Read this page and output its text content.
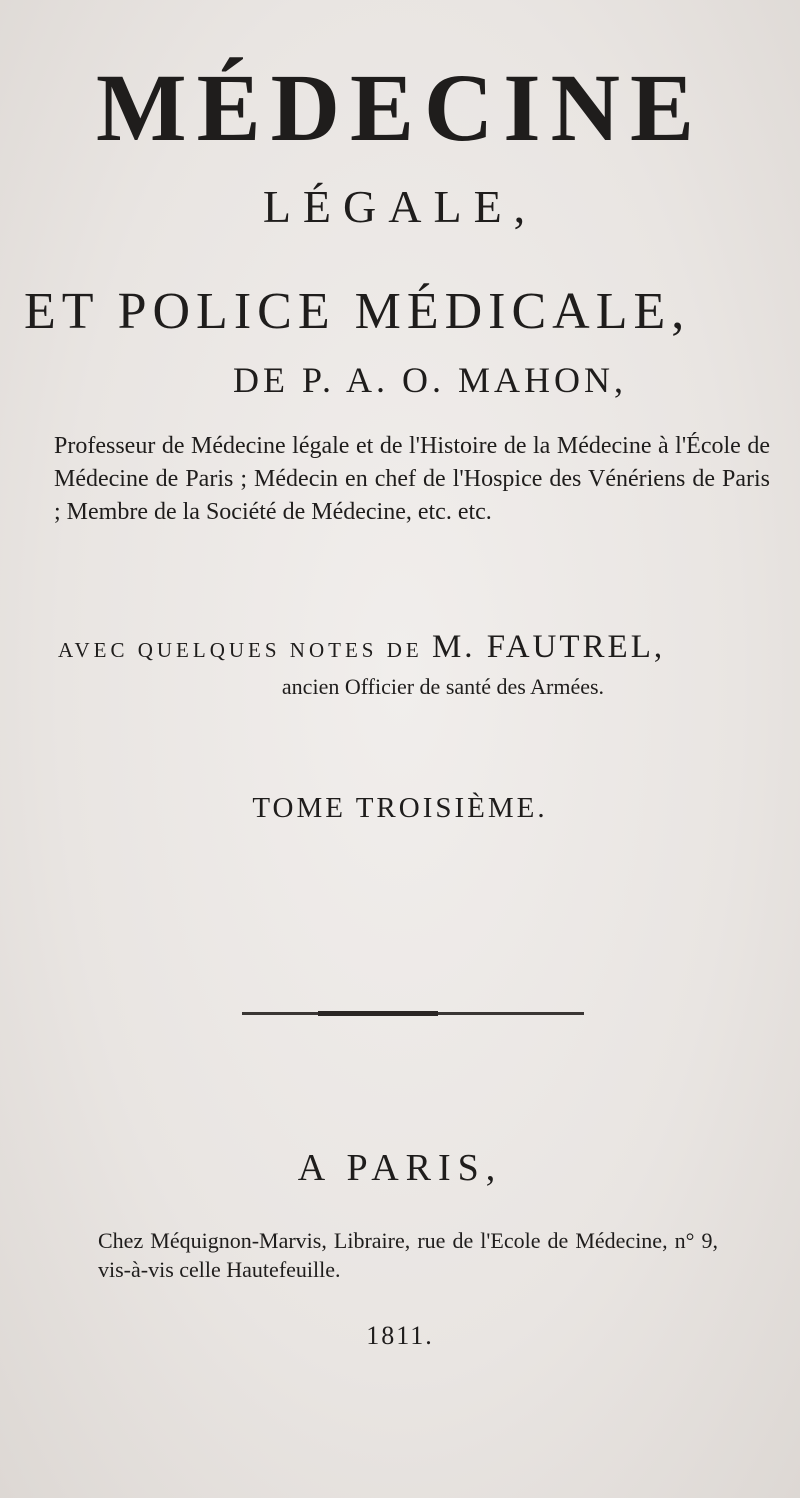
MÉDECINE
LÉGALE,
ET POLICE MÉDICALE,
DE P. A. O. MAHON,
Professeur de Médecine légale et de l'Histoire de la Médecine à l'École de Médecine de Paris ; Médecin en chef de l'Hospice des Vénériens de Paris ; Membre de la Société de Médecine, etc. etc.
AVEC QUELQUES NOTES DE M. FAUTREL,
ancien Officier de santé des Armées.
TOME TROISIÈME.
A PARIS,
Chez Méquignon-Marvis, Libraire, rue de l'Ecole de Médecine, n° 9, vis-à-vis celle Hautefeuille.
1811.
